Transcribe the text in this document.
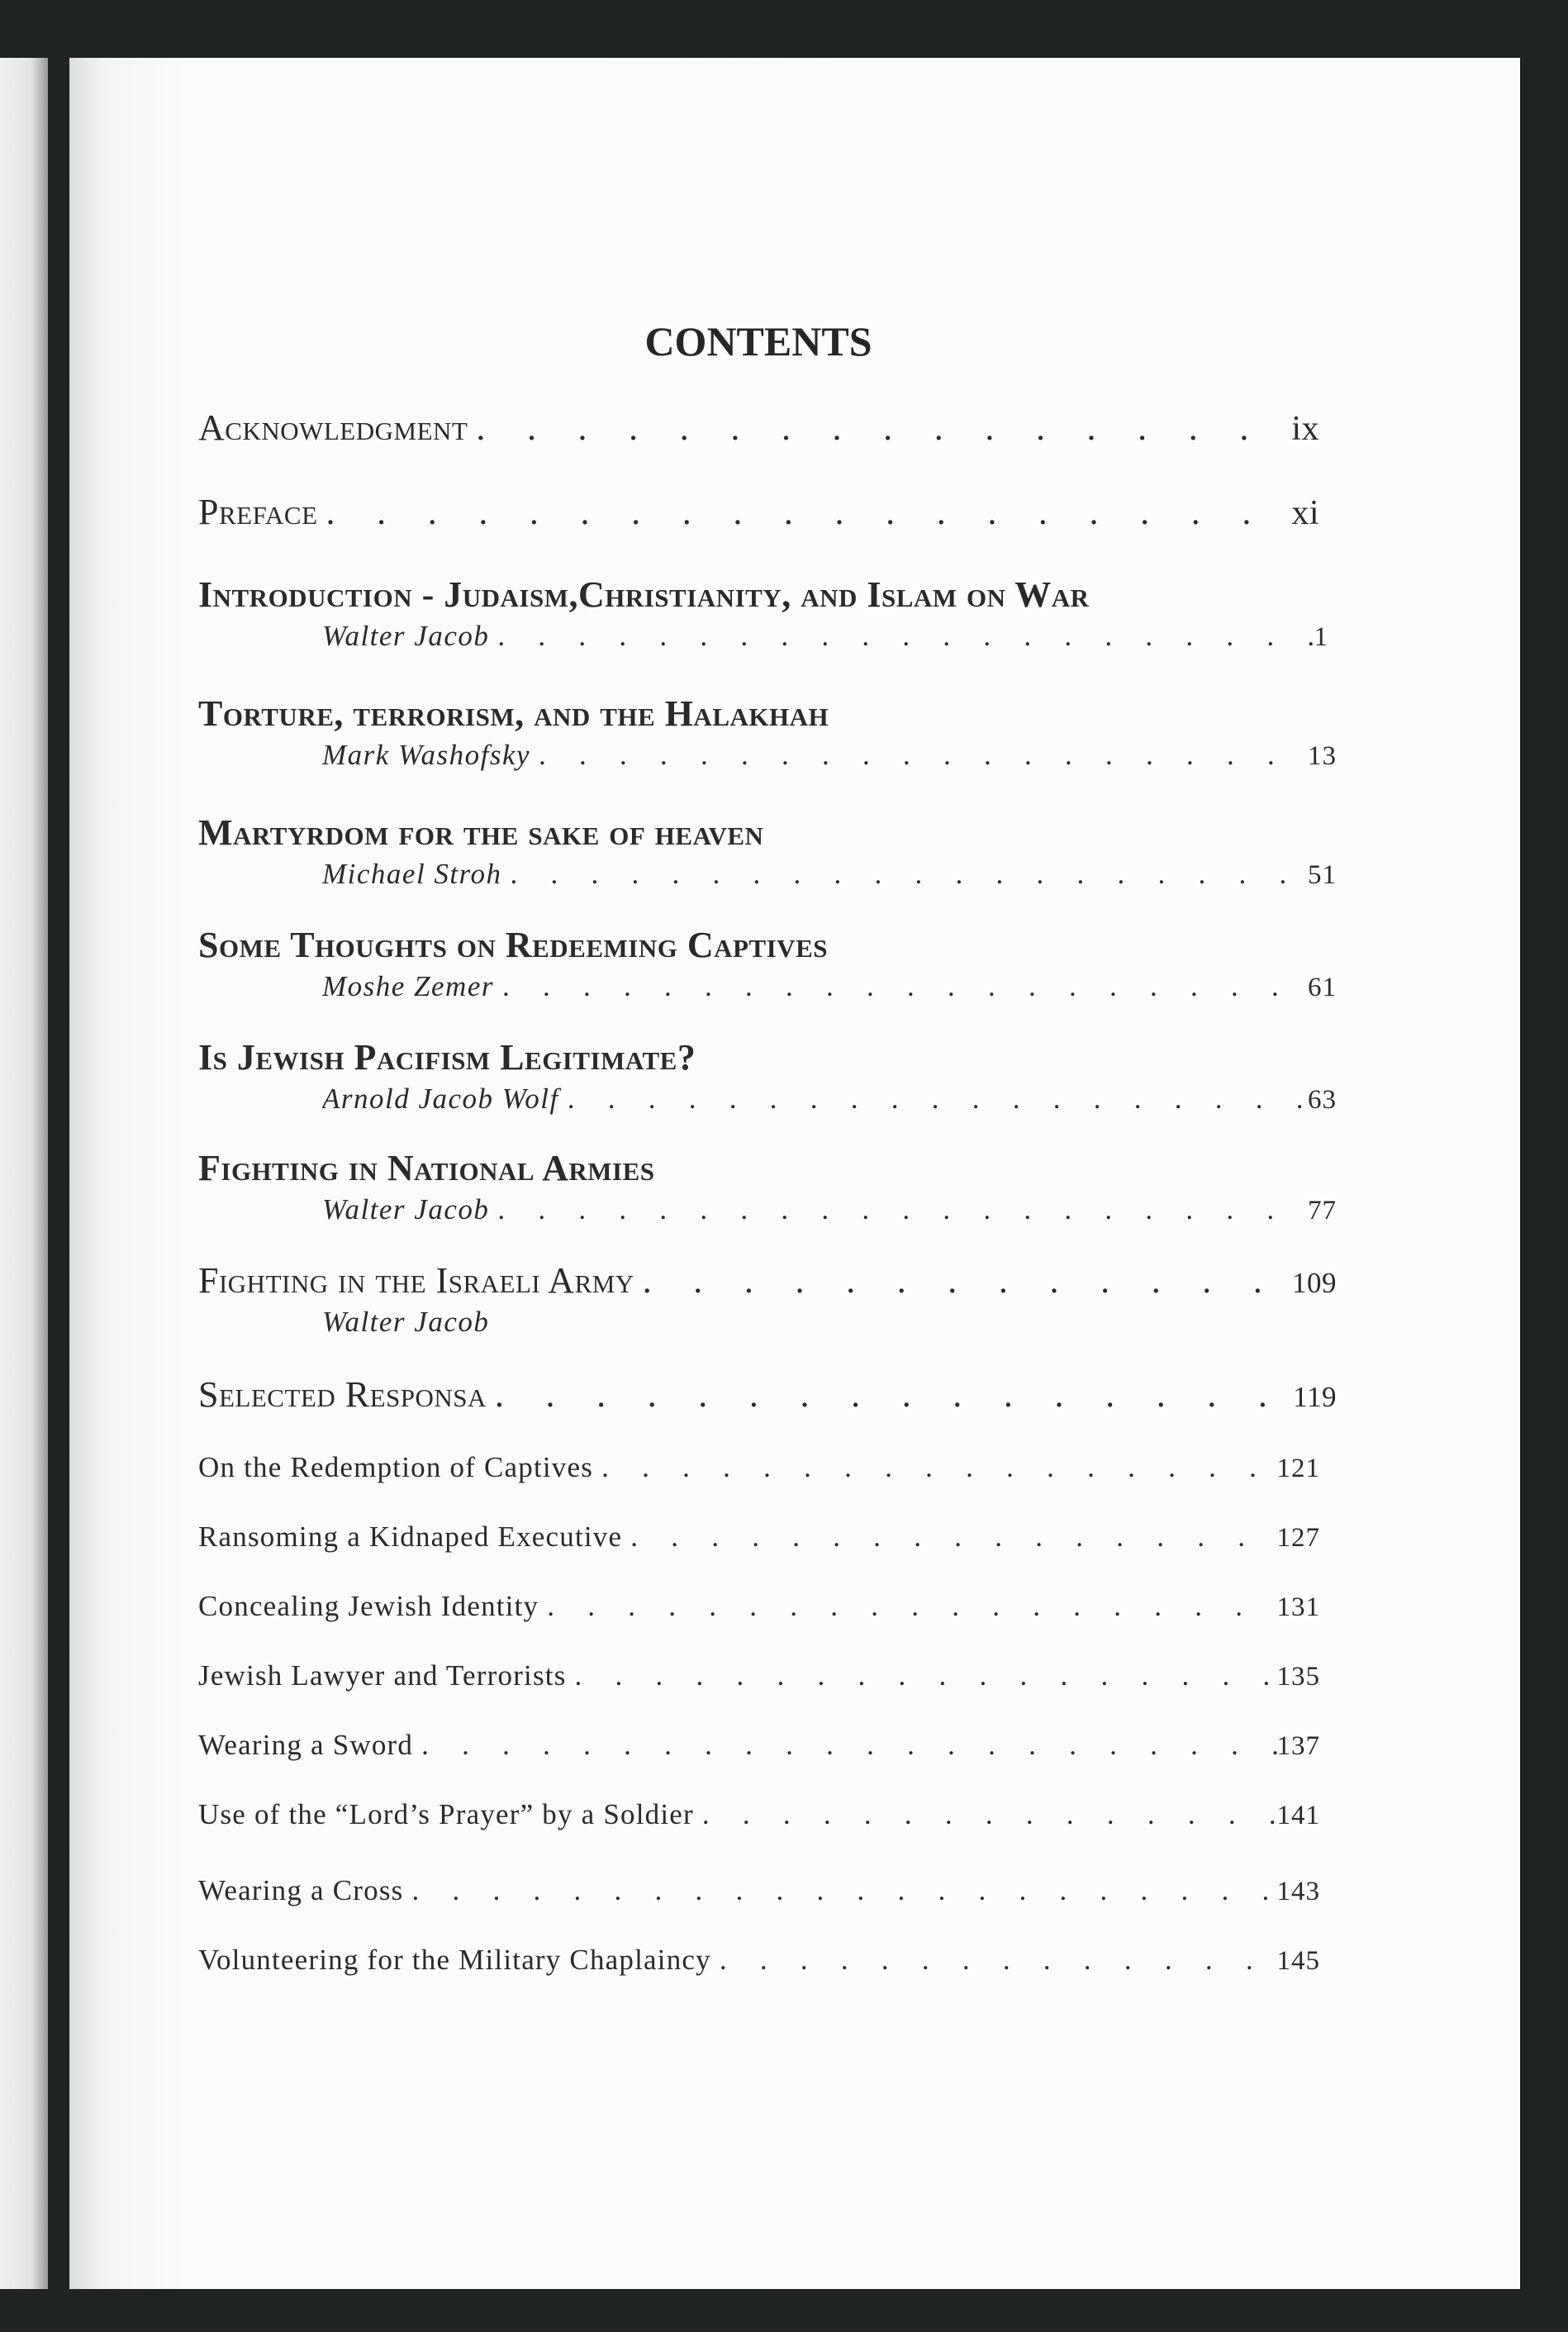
CONTENTS
Acknowledgment . . .	ix
Preface . . .	xi
Introduction - Judaism,Christianity, and Islam on War
Walter Jacob . . .	1
Torture, terrorism, and the Halakhah
Mark Washofsky . . .	13
Martyrdom for the sake of heaven
Michael Stroh . . .	51
Some Thoughts on Redeeming Captives
Moshe Zemer . . .	61
Is Jewish Pacifism Legitimate?
Arnold Jacob Wolf . . .	63
Fighting in National Armies
Walter Jacob . . .	77
Fighting in the Israeli Army . . .	109
Walter Jacob
Selected Responsa . . .	119
On the Redemption of Captives . . .	121
Ransoming a Kidnaped Executive . . .	127
Concealing Jewish Identity . . .	131
Jewish Lawyer and Terrorists . . .	135
Wearing a Sword . . .	137
Use of the “Lord’s Prayer” by a Soldier . . .	141
Wearing a Cross . . .	143
Volunteering for the Military Chaplaincy . . .	145
